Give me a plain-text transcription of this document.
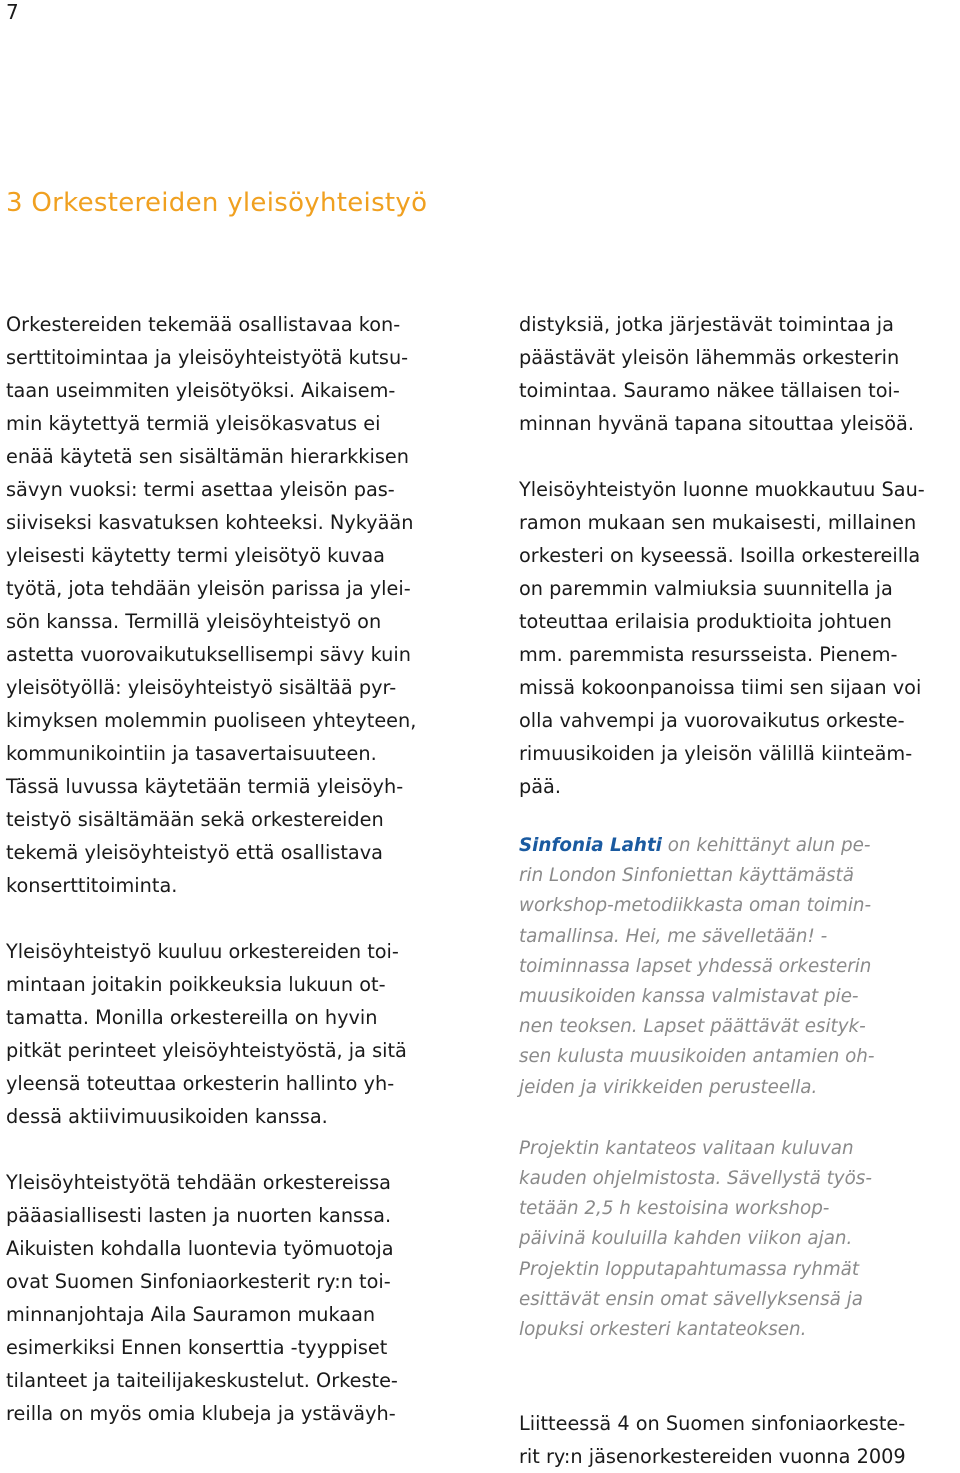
7
3 Orkestereiden yleisöyhteistyö

Orkestereiden tekemää osallistavaa kon-
serttitoimintaa ja yleisöyhteistyötä kutsu-
taan useimmiten yleisötyöksi. Aikaisem-
min käytettyä termiä yleisökasvatus ei
enää käytetä sen sisältämän hierarkkisen
sävyn vuoksi: termi asettaa yleisön pas-
siiviseksi kasvatuksen kohteeksi. Nykyään
yleisesti käytetty termi yleisötyö kuvaa
työtä, jota tehdään yleisön parissa ja ylei-
sön kanssa. Termillä yleisöyhteistyö on
astetta vuorovaikutuksellisempi sävy kuin
yleisötyöllä: yleisöyhteistyö sisältää pyr-
kimyksen molemmin puoliseen yhteyteen,
kommunikointiin ja tasavertaisuuteen.
Tässä luvussa käytetään termiä yleisöyh-
teistyö sisältämään sekä orkestereiden
tekemä yleisöyhteistyö että osallistava
konserttitoiminta.

Yleisöyhteistyö kuuluu orkestereiden toi-
mintaan joitakin poikkeuksia lukuun ot-
tamatta. Monilla orkestereilla on hyvin
pitkät perinteet yleisöyhteistyöstä, ja sitä
yleensä toteuttaa orkesterin hallinto yh-
dessä aktiivimuusikoiden kanssa.

Yleisöyhteistyötä tehdään orkestereissa
pääasiallisesti lasten ja nuorten kanssa.
Aikuisten kohdalla luontevia työmuotoja
ovat Suomen Sinfoniaorkesterit ry:n toi-
minnanjohtaja Aila Sauramon mukaan
esimerkiksi Ennen konserttia -tyyppiset
tilanteet ja taiteilijakeskustelut. Orkeste-
reilla on myös omia klubeja ja ystäväyh-

distyksiä, jotka järjestävät toimintaa ja
päästävät yleisön lähemmäs orkesterin
toimintaa. Sauramo näkee tällaisen toi-
minnan hyvänä tapana sitouttaa yleisöä.

Yleisöyhteistyön luonne muokkautuu Sau-
ramon mukaan sen mukaisesti, millainen
orkesteri on kyseessä. Isoilla orkestereilla
on paremmin valmiuksia suunnitella ja
toteuttaa erilaisia produktioita johtuen
mm. paremmista resursseista. Pienem-
missä kokoonpanoissa tiimi sen sijaan voi
olla vahvempi ja vuorovaikutus orkeste-
rimuusikoiden ja yleisön välillä kiinteäm-
pää.

Sinfonia Lahti on kehittänyt alun pe-
rin London Sinfoniettan käyttämästä
workshop-metodiikkasta oman toimin-
tamallinsa. Hei, me sävelletään! -
toiminnassa lapset yhdessä orkesterin
muusikoiden kanssa valmistavat pie-
nen teoksen. Lapset päättävät esityk-
sen kulusta muusikoiden antamien oh-
jeiden ja virikkeiden perusteella.

Projektin kantateos valitaan kuluvan
kauden ohjelmistosta. Sävellystä työs-
tetään 2,5 h kestoisina workshop-
päivinä kouluilla kahden viikon ajan.
Projektin lopputapahtumassa ryhmät
esittävät ensin omat sävellyksensä ja
lopuksi orkesteri kantateoksen.

Liitteessä 4 on Suomen sinfoniaorkeste-
rit ry:n jäsenorkestereiden vuonna 2009
